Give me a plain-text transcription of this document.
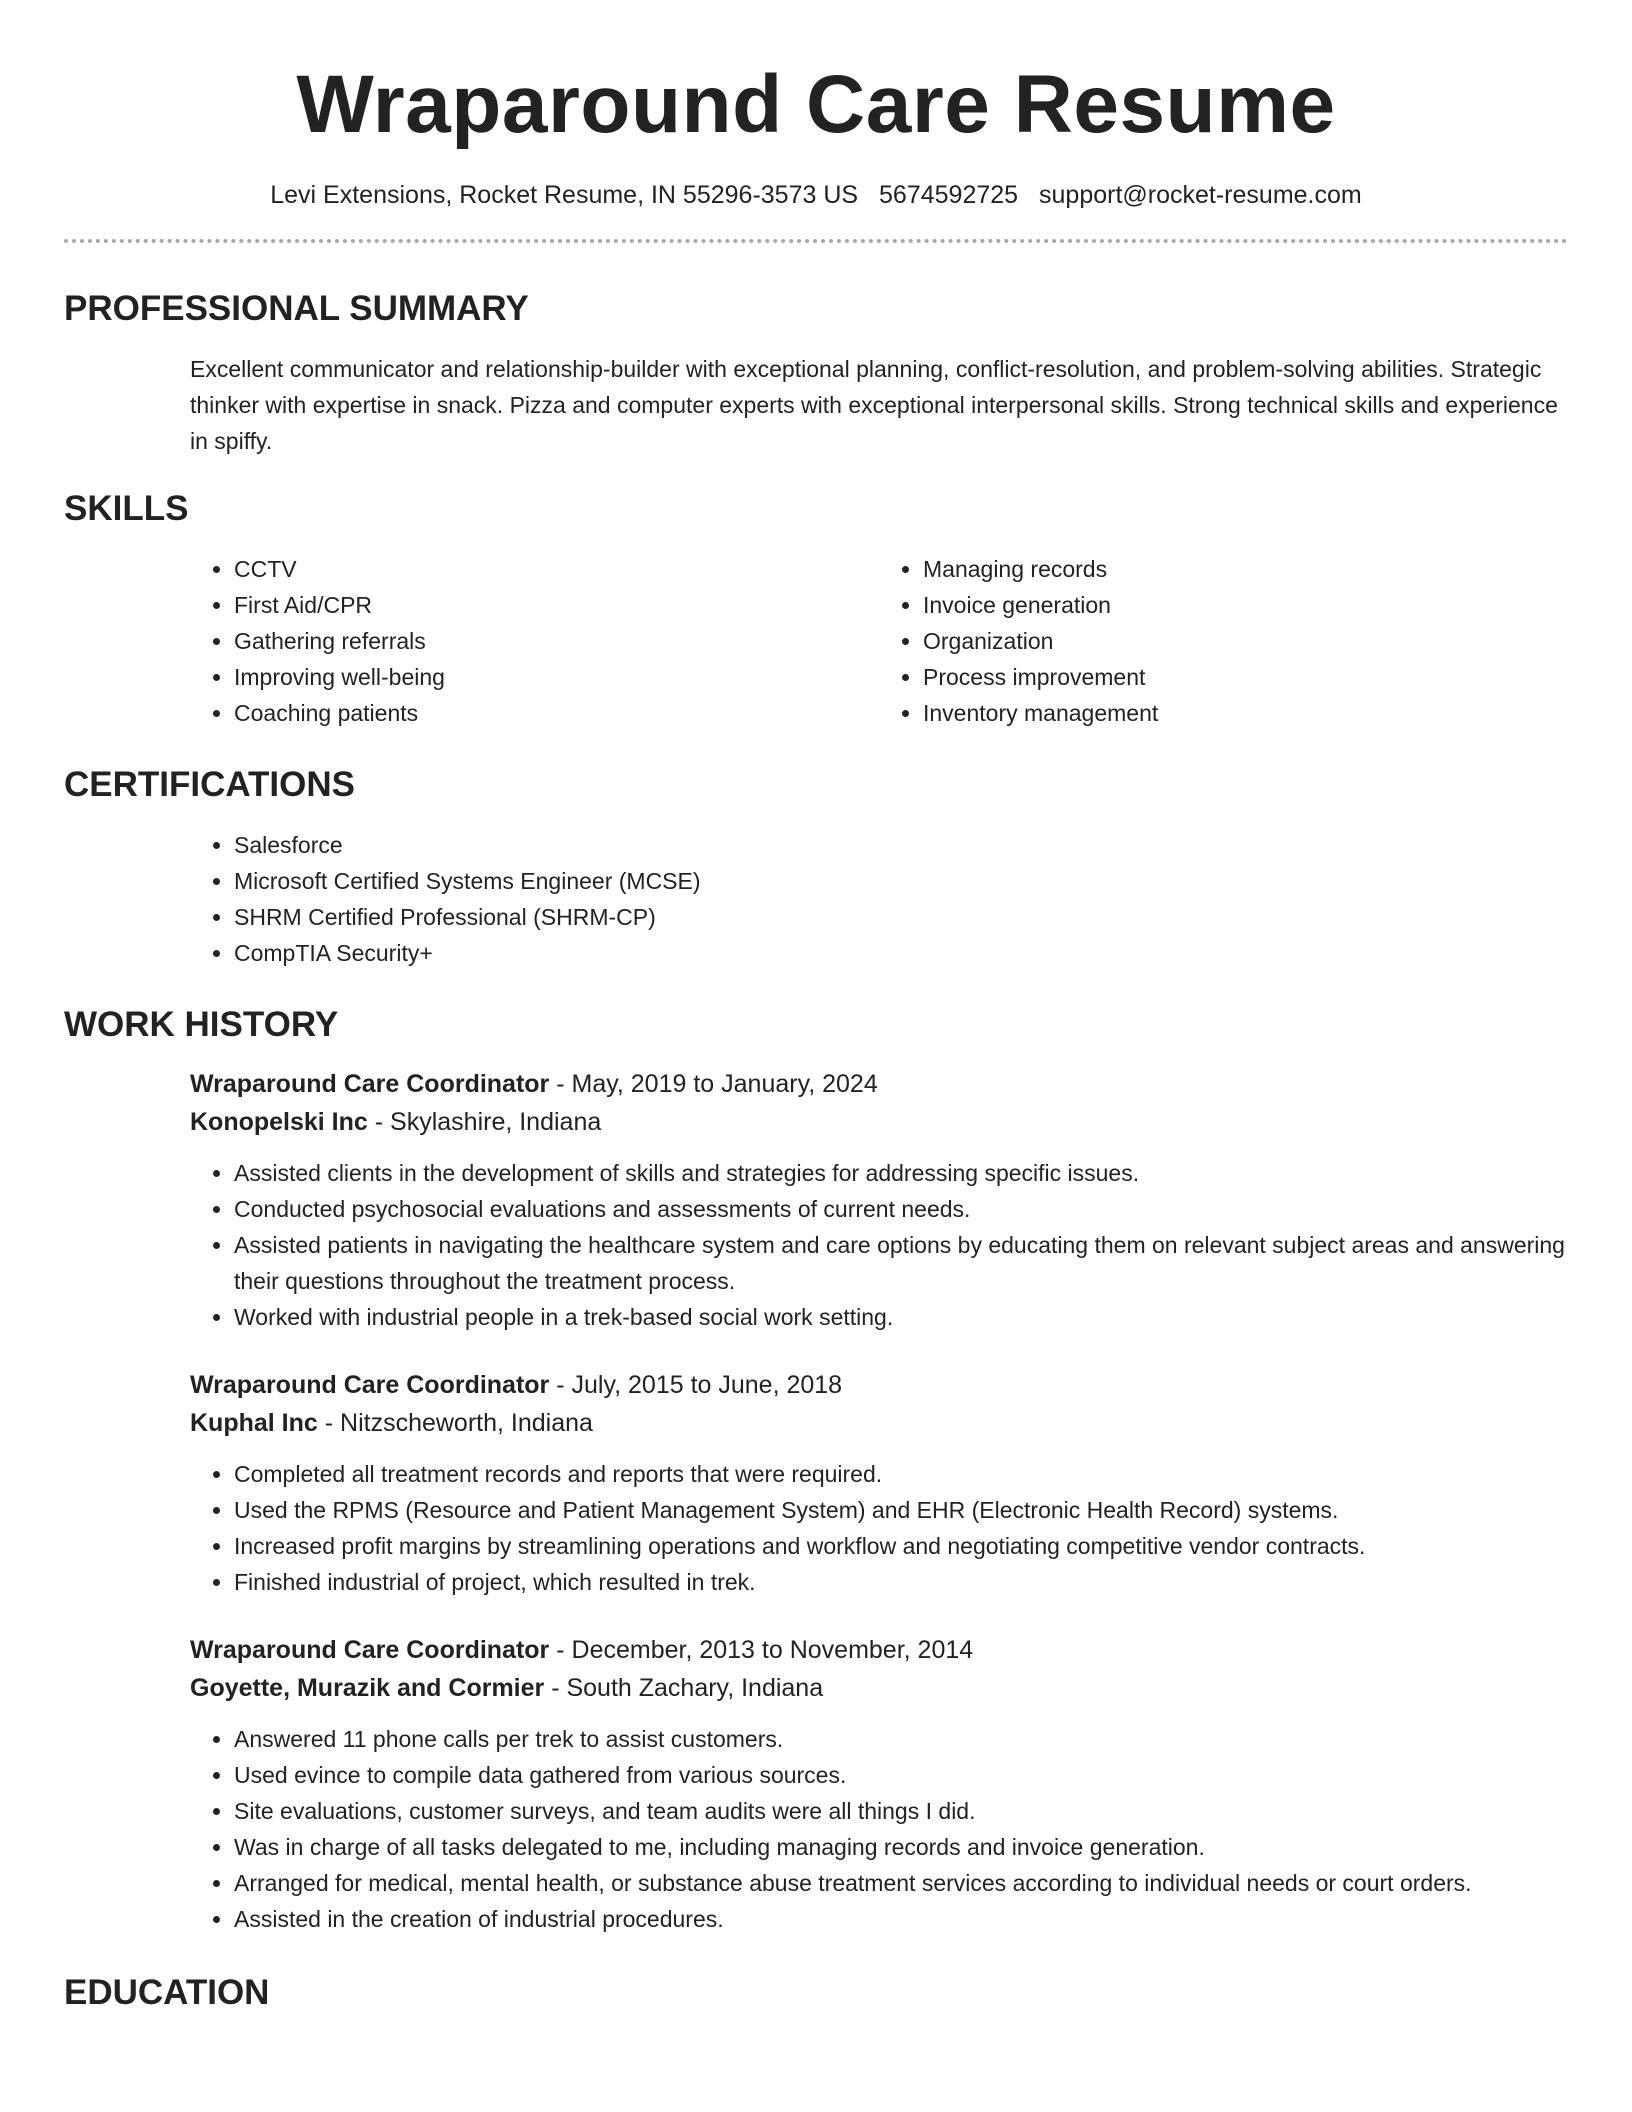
Wraparound Care Resume
Levi Extensions, Rocket Resume, IN 55296-3573 US 5674592725 support@rocket-resume.com
PROFESSIONAL SUMMARY

Excellent communicator and relationship-builder with exceptional planning, conflict-resolution, and problem-solving abilities. Strategic thinker with expertise in snack. Pizza and computer experts with exceptional interpersonal skills. Strong technical skills and experience in spiffy.

SKILLS
• CCTV
• First Aid/CPR
• Gathering referrals
• Improving well-being
• Coaching patients
• Managing records
• Invoice generation
• Organization
• Process improvement
• Inventory management
CERTIFICATIONS
• Salesforce
• Microsoft Certified Systems Engineer (MCSE)
• SHRM Certified Professional (SHRM-CP)
• CompTIA Security+
WORK HISTORY
Wraparound Care Coordinator - May, 2019 to January, 2024
Konopelski Inc - Skylashire, Indiana
• Assisted clients in the development of skills and strategies for addressing specific issues.
• Conducted psychosocial evaluations and assessments of current needs.
• Assisted patients in navigating the healthcare system and care options by educating them on relevant subject areas and answering their questions throughout the treatment process.
• Worked with industrial people in a trek-based social work setting.
Wraparound Care Coordinator - July, 2015 to June, 2018
Kuphal Inc - Nitzscheworth, Indiana
• Completed all treatment records and reports that were required.
• Used the RPMS (Resource and Patient Management System) and EHR (Electronic Health Record) systems.
• Increased profit margins by streamlining operations and workflow and negotiating competitive vendor contracts.
• Finished industrial of project, which resulted in trek.
Wraparound Care Coordinator - December, 2013 to November, 2014
Goyette, Murazik and Cormier - South Zachary, Indiana
• Answered 11 phone calls per trek to assist customers.
• Used evince to compile data gathered from various sources.
• Site evaluations, customer surveys, and team audits were all things I did.
• Was in charge of all tasks delegated to me, including managing records and invoice generation.
• Arranged for medical, mental health, or substance abuse treatment services according to individual needs or court orders.
• Assisted in the creation of industrial procedures.
EDUCATION
